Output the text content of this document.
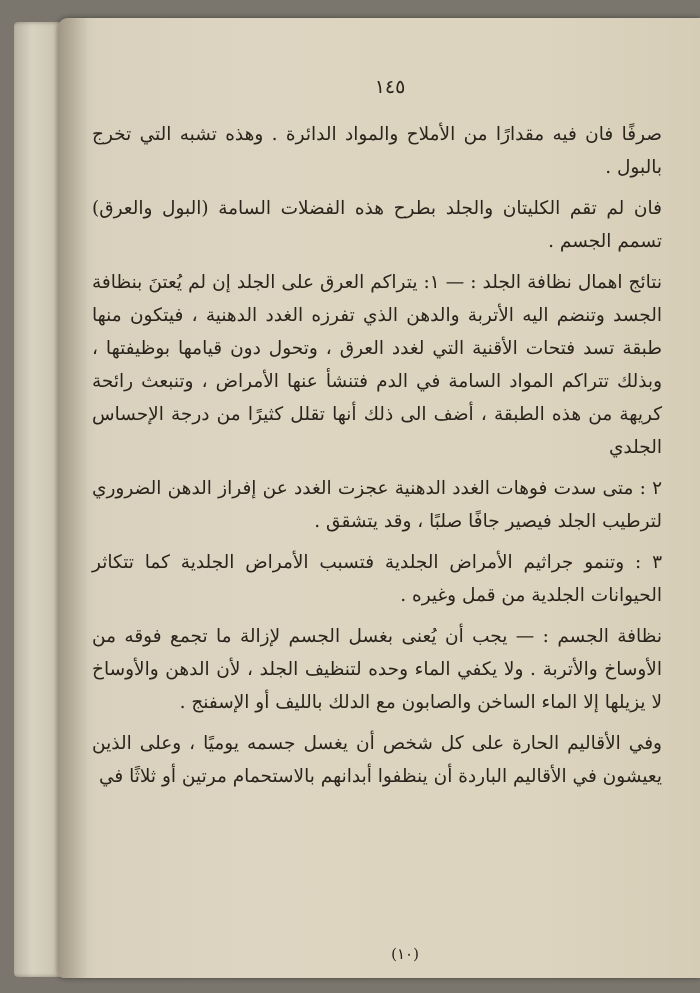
١٤٥

صرفًا فان فيه مقدارًا من الأملاح والمواد الدائرة . وهذه تشبه التي تخرج بالبول .

فان لم تقم الكليتان والجلد بطرح هذه الفضلات السامة (البول والعرق) تسمم الجسم .

نتائج اهمال نظافة الجلد : — ١: يتراكم العرق على الجلد إن لم يُعتنَ بنظافة الجسد وتنضم اليه الأتربة والدهن الذي تفرزه الغدد الدهنية ، فيتكون منها طبقة تسد فتحات الأقنية التي لغدد العرق ، وتحول دون قيامها بوظيفتها ، وبذلك تتراكم المواد السامة في الدم فتنشأ عنها الأمراض ، وتنبعث رائحة كريهة من هذه الطبقة ، أضف الى ذلك أنها تقلل كثيرًا من درجة الإحساس الجلدي

٢ : متى سدت فوهات الغدد الدهنية عجزت الغدد عن إفراز الدهن الضروري لترطيب الجلد فيصير جافًا صلبًا ، وقد يتشقق .

٣ : وتنمو جراثيم الأمراض الجلدية فتسبب الأمراض الجلدية كما تتكاثر الحيوانات الجلدية من قمل وغيره .

نظافة الجسم : — يجب أن يُعنى بغسل الجسم لإزالة ما تجمع فوقه من الأوساخ والأتربة . ولا يكفي الماء وحده لتنظيف الجلد ، لأن الدهن والأوساخ لا يزيلها إلا الماء الساخن والصابون مع الدلك بالليف أو الإسفنج .

وفي الأقاليم الحارة على كل شخص أن يغسل جسمه يوميًا ، وعلى الذين يعيشون في الأقاليم الباردة أن ينظفوا أبدانهم بالاستحمام مرتين أو ثلاثًا في

(١٠)
